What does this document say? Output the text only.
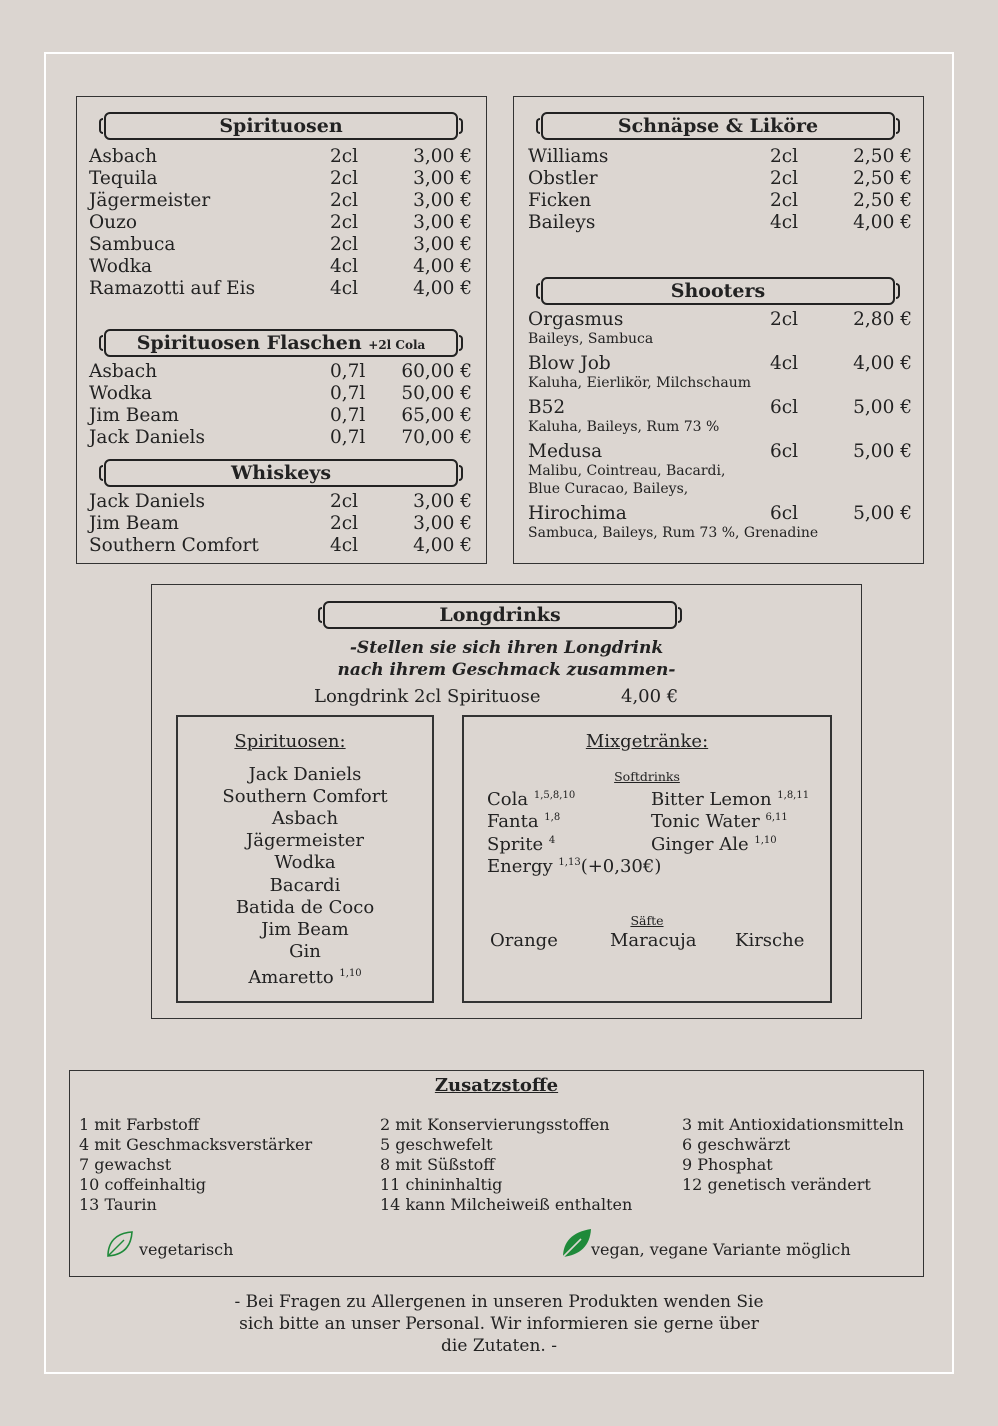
Spirituosen
Asbach	2cl	3,00 €
Tequila	2cl	3,00 €
Jägermeister	2cl	3,00 €
Ouzo	2cl	3,00 €
Sambuca	2cl	3,00 €
Wodka	4cl	4,00 €
Ramazotti auf Eis	4cl	4,00 €
Spirituosen Flaschen +2l Cola
Asbach	0,7l 60,00 €
Wodka	0,7l 50,00 €
Jim Beam	0,7l 65,00 €
Jack Daniels	0,7l 70,00 €
Whiskeys
Jack Daniels	2cl	3,00 €
Jim Beam	2cl	3,00 €
Southern Comfort	4cl	4,00 €
Schnäpse & Liköre
Williams	2cl	2,50 €
Obstler	2cl	2,50 €
Ficken	2cl	2,50 €
Baileys	4cl	4,00 €
Shooters
Orgasmus	2cl	2,80 €
Baileys, Sambuca
Blow Job	4cl	4,00 €
Kaluha, Eierlikör, Milchschaum
B52	6cl	5,00 €
Kaluha, Baileys, Rum 73 %
Medusa	6cl	5,00 €
Malibu, Cointreau, Bacardi,
Blue Curacao, Baileys,
Hirochima	6cl	5,00 €
Sambuca, Baileys, Rum 73 %, Grenadine
Longdrinks
-Stellen sie sich ihren Longdrink
nach ihrem Geschmack zusammen-
Longdrink 2cl Spirituose	4,00 €
Spirituosen:
Jack Daniels
Southern Comfort
Asbach
Jägermeister
Wodka
Bacardi
Batida de Coco
Jim Beam
Gin
Amaretto $^{1,10}$
Mixgetränke:
Softdrinks
Cola $^{1,5,8,10}$
Fanta $^{1,8}$
Sprite $^4$
Energy $^{1,13}$(+0,30€)
Bitter Lemon $^{1,8,11}$
Tonic Water $^{6,11}$
Ginger Ale $^{1,10}$
Säfte
Orange	Maracuja Kirsche
Zusatzstoffe
1 mit Farbstoff
4 mit Geschmacksverstärker
7 gewachst
10 coffeinhaltig
13 Taurin
2 mit Konservierungsstoffen
5 geschwefelt
8 mit Süßstoff
11 chininhaltig
14 kann Milcheiweiß enthalten
3 mit Antioxidationsmitteln
6 geschwärzt
9 Phosphat
12 genetisch verändert
vegetarisch	vegan, vegane Variante möglich
- Bei Fragen zu Allergenen in unseren Produkten wenden Sie
sich bitte an unser Personal. Wir informieren sie gerne über
die Zutaten. -
